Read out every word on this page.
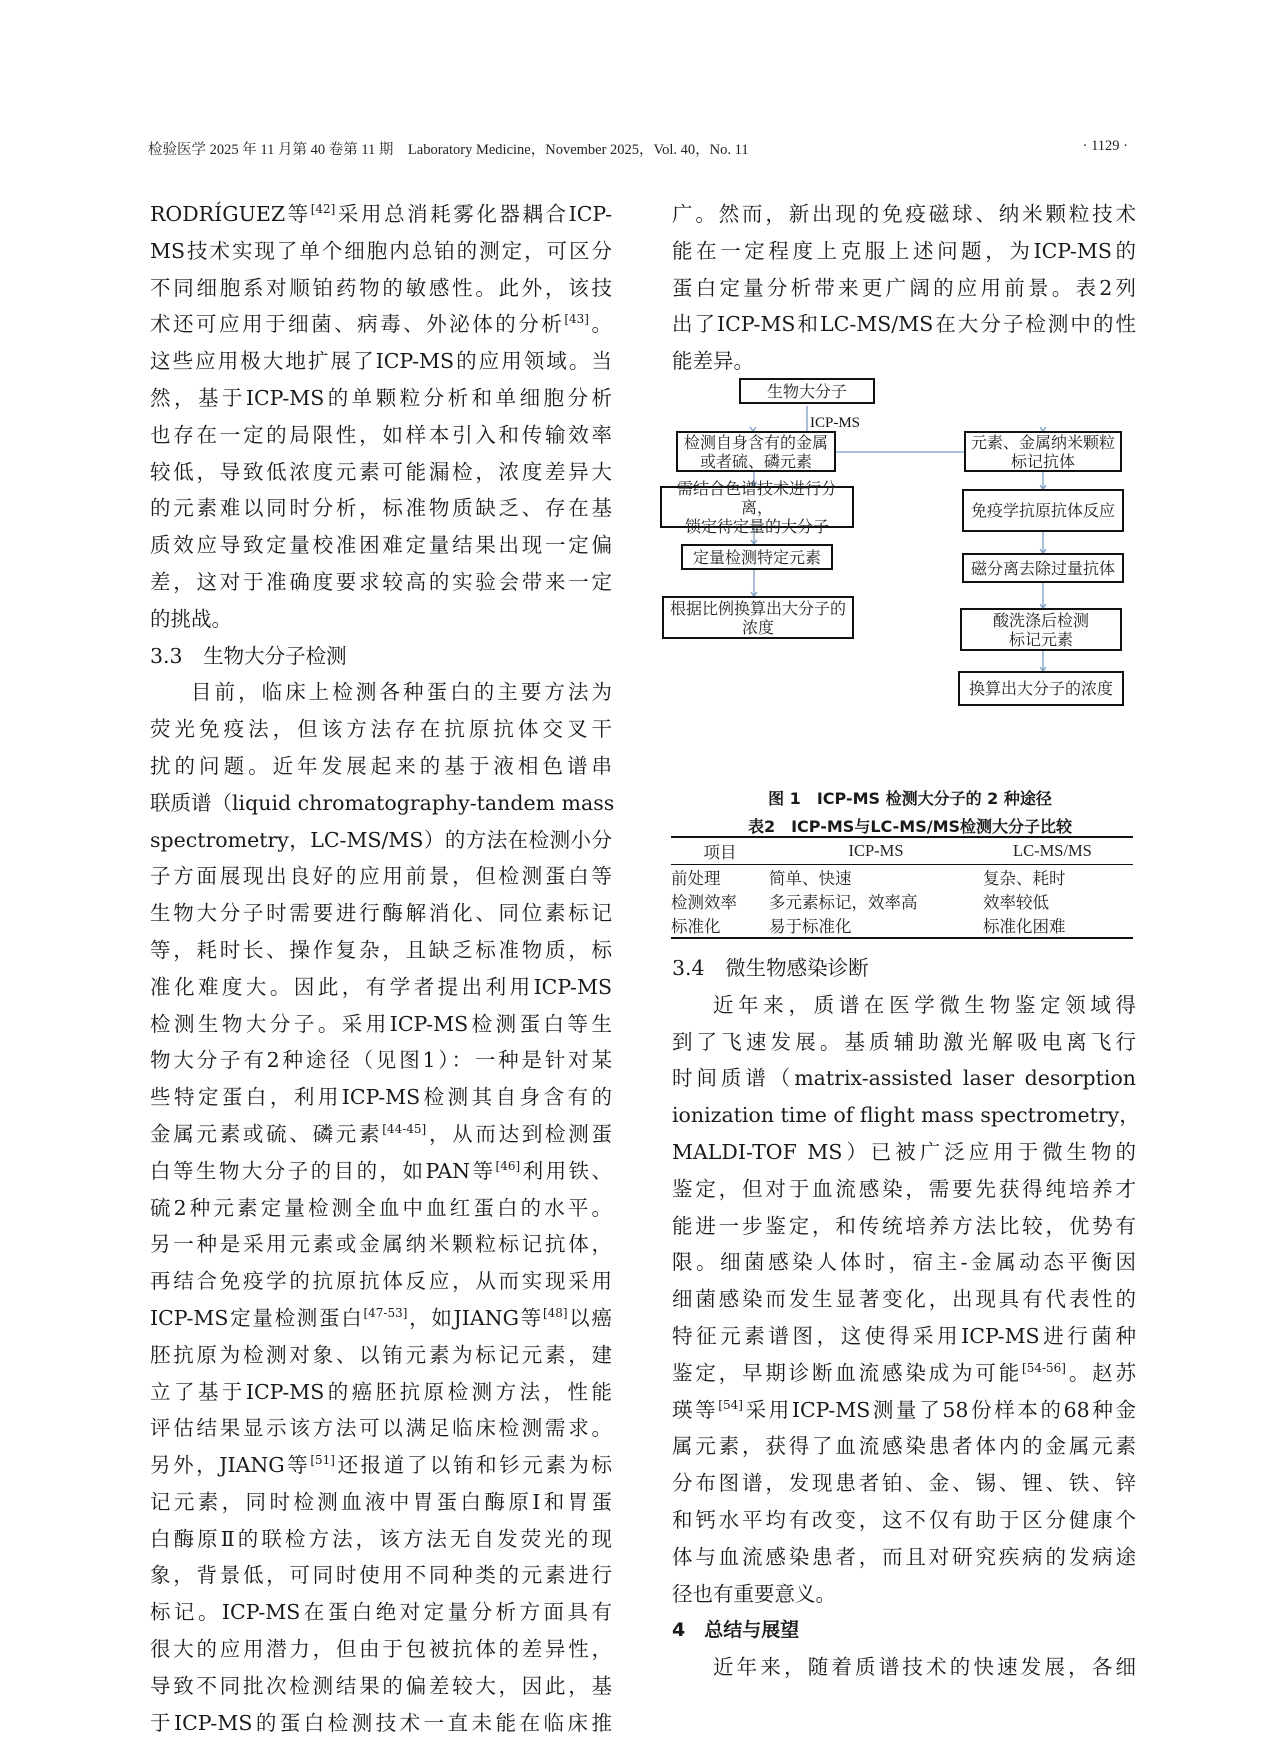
检验医学 2025 年 11 月第 40 卷第 11 期　Laboratory Medicine，November 2025，Vol. 40，No. 11	· 1129 ·
RODRÍGUEZ等[42]采用总消耗雾化器耦合ICP-
MS技术实现了单个细胞内总铂的测定，可区分
不同细胞系对顺铂药物的敏感性。此外，该技
术还可应用于细菌、病毒、外泌体的分析[43]。
这些应用极大地扩展了ICP-MS的应用领域。当
然，基于ICP-MS的单颗粒分析和单细胞分析
也存在一定的局限性，如样本引入和传输效率
较低，导致低浓度元素可能漏检，浓度差异大
的元素难以同时分析，标准物质缺乏、存在基
质效应导致定量校准困难定量结果出现一定偏
差，这对于准确度要求较高的实验会带来一定
的挑战。
3.3　生物大分子检测
目前，临床上检测各种蛋白的主要方法为
荧光免疫法，但该方法存在抗原抗体交叉干
扰的问题。近年发展起来的基于液相色谱串
联质谱（liquid chromatography-tandem mass
spectrometry，LC-MS/MS）的方法在检测小分
子方面展现出良好的应用前景，但检测蛋白等
生物大分子时需要进行酶解消化、同位素标记
等，耗时长、操作复杂，且缺乏标准物质，标
准化难度大。因此，有学者提出利用ICP-MS
检测生物大分子。采用ICP-MS检测蛋白等生
物大分子有2种途径（见图1）：一种是针对某
些特定蛋白，利用ICP-MS检测其自身含有的
金属元素或硫、磷元素[44-45]，从而达到检测蛋
白等生物大分子的目的，如PAN等[46]利用铁、
硫2种元素定量检测全血中血红蛋白的水平。
另一种是采用元素或金属纳米颗粒标记抗体，
再结合免疫学的抗原抗体反应，从而实现采用
ICP-MS定量检测蛋白[47-53]，如JIANG等[48]以癌
胚抗原为检测对象、以铕元素为标记元素，建
立了基于ICP-MS的癌胚抗原检测方法，性能
评估结果显示该方法可以满足临床检测需求。
另外，JIANG等[51]还报道了以铕和钐元素为标
记元素，同时检测血液中胃蛋白酶原Ⅰ和胃蛋
白酶原Ⅱ的联检方法，该方法无自发荧光的现
象，背景低，可同时使用不同种类的元素进行
标记。ICP-MS在蛋白绝对定量分析方面具有
很大的应用潜力，但由于包被抗体的差异性，
导致不同批次检测结果的偏差较大，因此，基
于ICP-MS的蛋白检测技术一直未能在临床推
广。然而，新出现的免疫磁球、纳米颗粒技术
能在一定程度上克服上述问题，为ICP-MS的
蛋白定量分析带来更广阔的应用前景。表2列
出了ICP-MS和LC-MS/MS在大分子检测中的性
能差异。
生物大分子
ICP-MS
检测自身含有的金属
或者硫、磷元素
需结合色谱技术进行分离，
锁定待定量的大分子
定量检测特定元素
根据比例换算出大分子的
浓度
元素、金属纳米颗粒
标记抗体
免疫学抗原抗体反应
磁分离去除过量抗体
酸洗涤后检测
标记元素
换算出大分子的浓度
图 1　ICP-MS 检测大分子的 2 种途径
表2　ICP-MS与LC-MS/MS检测大分子比较
项目	ICP-MS	LC-MS/MS
前处理	简单、快速	复杂、耗时
检测效率	多元素标记，效率高	效率较低
标准化	易于标准化	标准化困难
3.4　微生物感染诊断
近年来，质谱在医学微生物鉴定领域得
到了飞速发展。基质辅助激光解吸电离飞行
时间质谱（matrix-assisted laser desorption
ionization time of flight mass spectrometry，
MALDI-TOF MS）已被广泛应用于微生物的
鉴定，但对于血流感染，需要先获得纯培养才
能进一步鉴定，和传统培养方法比较，优势有
限。细菌感染人体时，宿主-金属动态平衡因
细菌感染而发生显著变化，出现具有代表性的
特征元素谱图，这使得采用ICP-MS进行菌种
鉴定，早期诊断血流感染成为可能[54-56]。赵苏
瑛等[54]采用ICP-MS测量了58份样本的68种金
属元素，获得了血流感染患者体内的金属元素
分布图谱，发现患者铂、金、锡、锂、铁、锌
和钙水平均有改变，这不仅有助于区分健康个
体与血流感染患者，而且对研究疾病的发病途
径也有重要意义。
4　总结与展望
近年来，随着质谱技术的快速发展，各细
